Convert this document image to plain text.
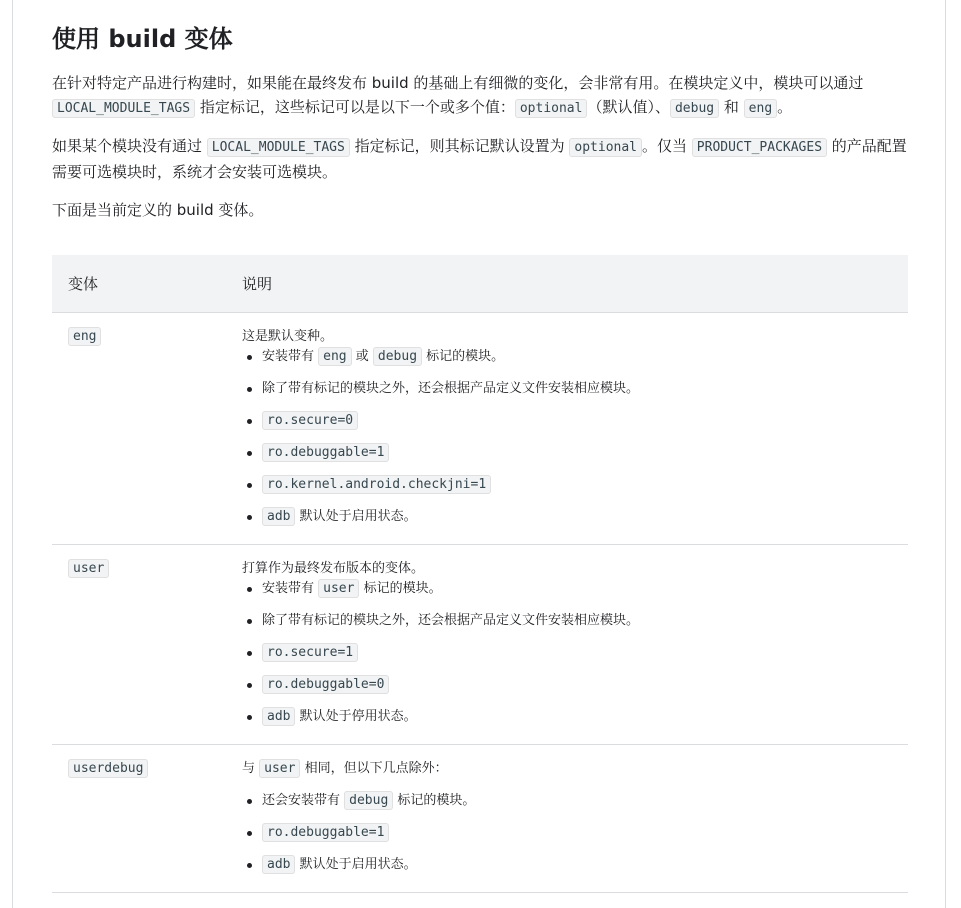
使用 build 变体

在针对特定产品进行构建时，如果能在最终发布 build 的基础上有细微的变化，会非常有用。在模块定义中，模块可以通过 LOCAL_MODULE_TAGS 指定标记，这些标记可以是以下一个或多个值： optional （默认值）、 debug 和 eng 。

如果某个模块没有通过 LOCAL_MODULE_TAGS 指定标记，则其标记默认设置为 optional 。仅当 PRODUCT_PACKAGES 的产品配置需要可选模块时，系统才会安装可选模块。

下面是当前定义的 build 变体。

变体	说明
eng	这是默认变种。
安装带有 eng 或 debug 标记的模块。
除了带有标记的模块之外，还会根据产品定义文件安装相应模块。
ro.secure=0
ro.debuggable=1
ro.kernel.android.checkjni=1
adb 默认处于启用状态。
user	打算作为最终发布版本的变体。
安装带有 user 标记的模块。
除了带有标记的模块之外，还会根据产品定义文件安装相应模块。
ro.secure=1
ro.debuggable=0
adb 默认处于停用状态。
userdebug	与 user 相同，但以下几点除外：
还会安装带有 debug 标记的模块。
ro.debuggable=1
adb 默认处于启用状态。
